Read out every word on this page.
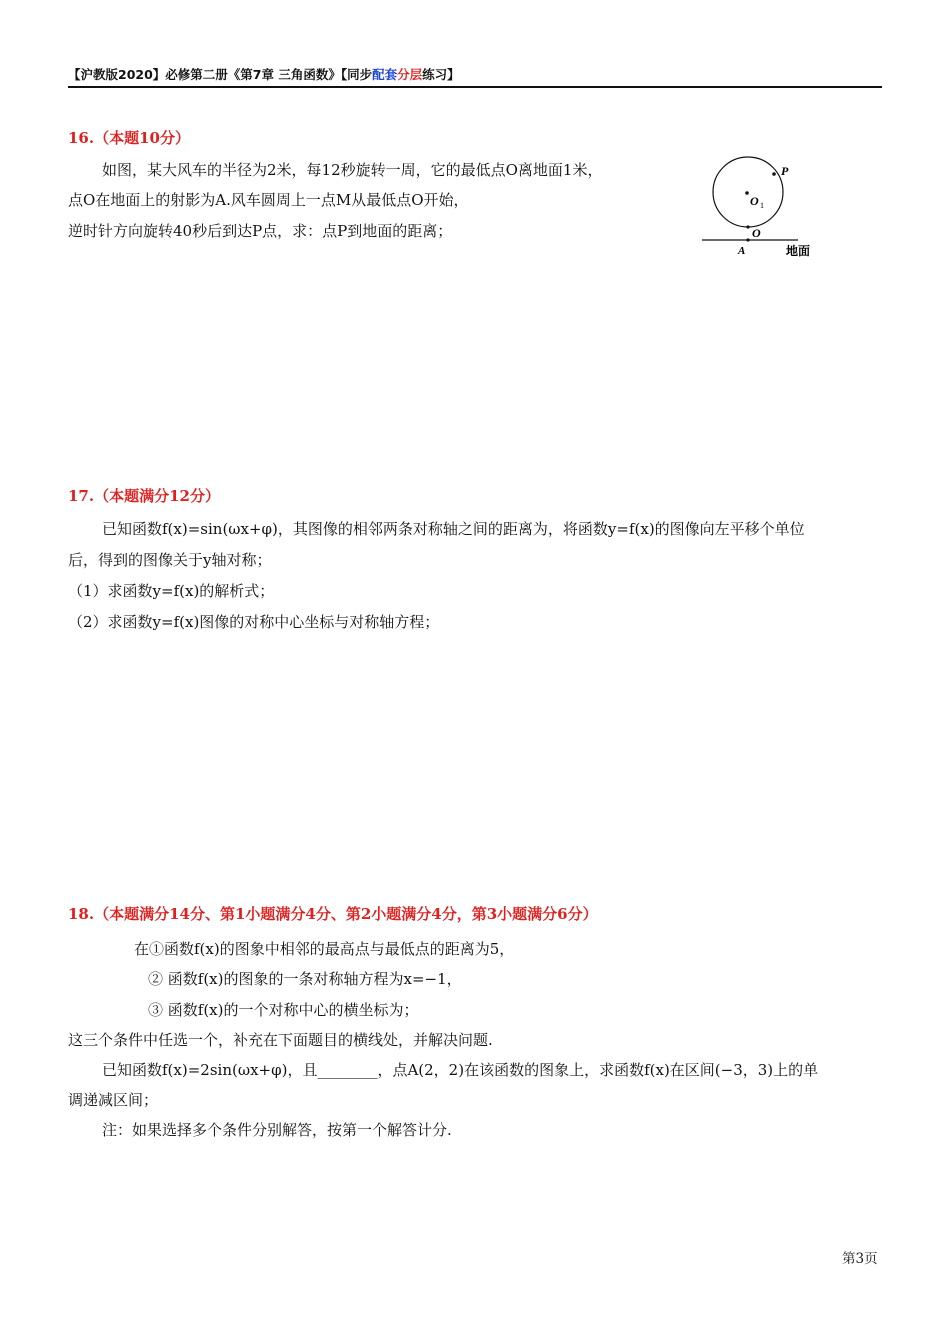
【沪教版2020】必修第二册《第7章 三角函数》【同步配套分层练习】
16.（本题10分）
如图，某大风车的半径为2米，每12秒旋转一周，它的最低点O离地面1米，
点O在地面上的射影为A.风车圆周上一点M从最低点O开始，
逆时针方向旋转40秒后到达P点，求：点P到地面的距离；
P
O 1
O
A	地面
17.（本题满分12分）
已知函数f(x)=sin(ωx+φ)，其图像的相邻两条对称轴之间的距离为，将函数y=f(x)的图像向左平移个单位
后，得到的图像关于y轴对称；
（1）求函数y=f(x)的解析式；
（2）求函数y=f(x)图像的对称中心坐标与对称轴方程；
18.（本题满分14分、第1小题满分4分、第2小题满分4分，第3小题满分6分）
在①函数f(x)的图象中相邻的最高点与最低点的距离为5，
② 函数f(x)的图象的一条对称轴方程为x=−1，
③ 函数f(x)的一个对称中心的横坐标为；
这三个条件中任选一个，补充在下面题目的横线处，并解决问题.
已知函数f(x)=2sin(ωx+φ)，且________，点A(2，2)在该函数的图象上，求函数f(x)在区间(−3，3)上的单
调递减区间；
注：如果选择多个条件分别解答，按第一个解答计分.
第3页
